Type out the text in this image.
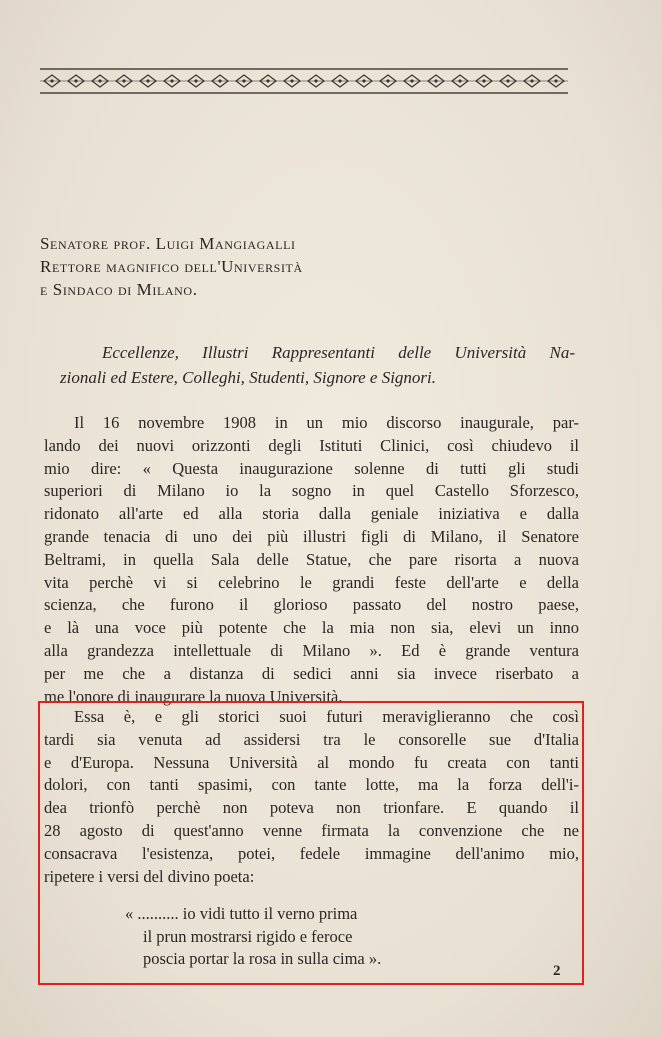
Senatore prof. Luigi Mangiagalli
Rettore magnifico dell'Università
e Sindaco di Milano.
Eccellenze, Illustri Rappresentanti delle Università Na-
zionali ed Estere, Colleghi, Studenti, Signore e Signori.
Il 16 novembre 1908 in un mio discorso inaugurale, par-
lando dei nuovi orizzonti degli Istituti Clinici, così chiudevo il
mio dire: « Questa inaugurazione solenne di tutti gli studi
superiori di Milano io la sogno in quel Castello Sforzesco,
ridonato all'arte ed alla storia dalla geniale iniziativa e dalla
grande tenacia di uno dei più illustri figli di Milano, il Senatore
Beltrami, in quella Sala delle Statue, che pare risorta a nuova
vita perchè vi si celebrino le grandi feste dell'arte e della
scienza, che furono il glorioso passato del nostro paese,
e là una voce più potente che la mia non sia, elevi un inno
alla grandezza intellettuale di Milano ». Ed è grande ventura
per me che a distanza di sedici anni sia invece riserbato a
me l'onore di inaugurare la nuova Università.
Essa è, e gli storici suoi futuri meraviglieranno che così
tardi sia venuta ad assidersi tra le consorelle sue d'Italia
e d'Europa. Nessuna Università al mondo fu creata con tanti
dolori, con tanti spasimi, con tante lotte, ma la forza dell'i-
dea trionfò perchè non poteva non trionfare. E quando il
28 agosto di quest'anno venne firmata la convenzione che ne
consacrava l'esistenza, potei, fedele immagine dell'animo mio,
ripetere i versi del divino poeta:
« .......... io vidi tutto il verno prima
il prun mostrarsi rigido e feroce
poscia portar la rosa in sulla cima ».
2
